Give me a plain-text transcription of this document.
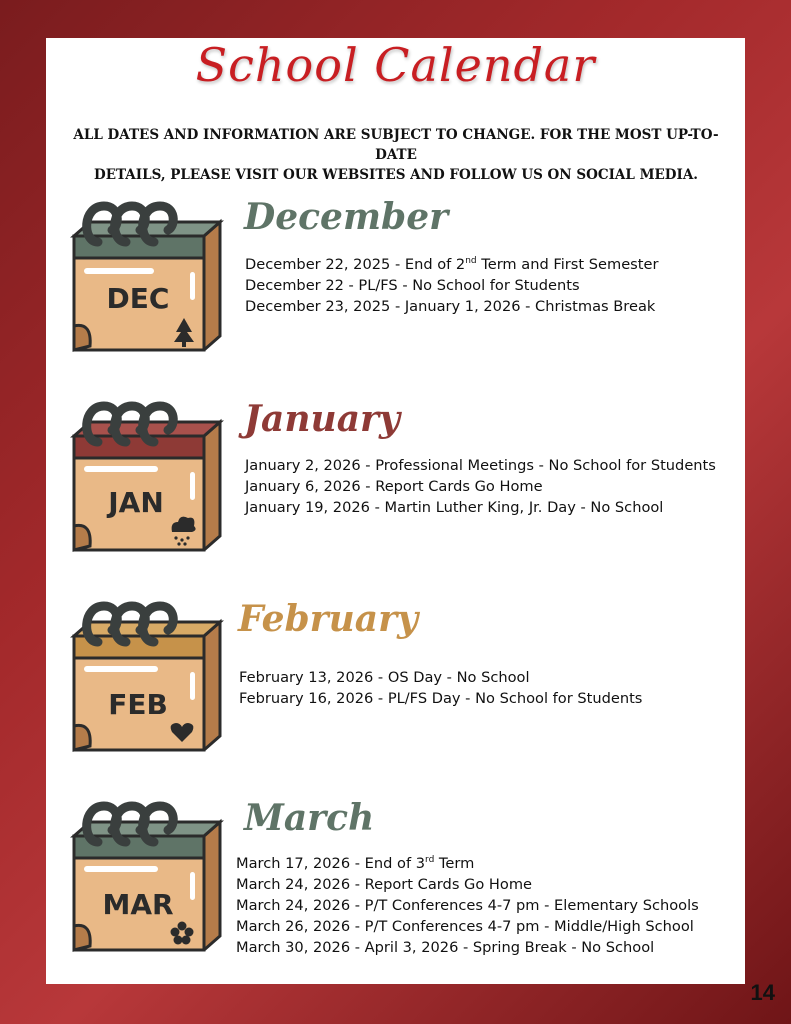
School Calendar
ALL DATES AND INFORMATION ARE SUBJECT TO CHANGE. FOR THE MOST UP-TO-DATE
DETAILS, PLEASE VISIT OUR WEBSITES AND FOLLOW US ON SOCIAL MEDIA.
DEC
December
December 22, 2025 - End of 2nd Term and First Semester
December 22 - PL/FS - No School for Students
December 23, 2025 - January 1, 2026 - Christmas Break
JAN
January
January 2, 2026 - Professional Meetings - No School for Students
January 6, 2026 - Report Cards Go Home
January 19, 2026 - Martin Luther King, Jr. Day - No School
FEB
February
February 13, 2026 - OS Day - No School
February 16, 2026 - PL/FS Day - No School for Students
MAR
March
March 17, 2026 - End of 3rd Term
March 24, 2026 - Report Cards Go Home
March 24, 2026 - P/T Conferences 4-7 pm - Elementary Schools
March 26, 2026 - P/T Conferences 4-7 pm - Middle/High School
March 30, 2026 - April 3, 2026 - Spring Break - No School
14
